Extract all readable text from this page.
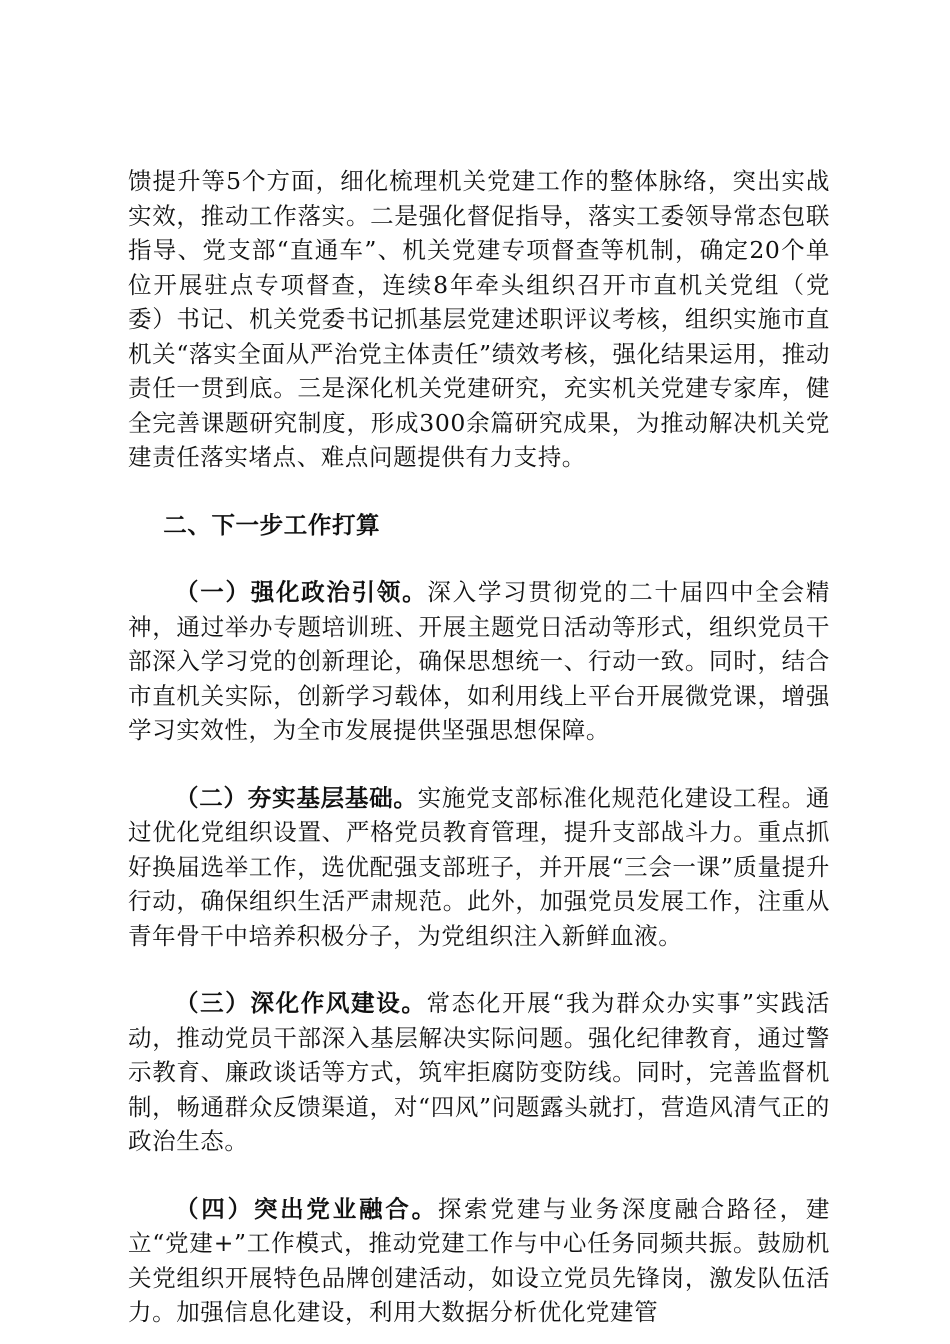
馈提升等5个方面，细化梳理机关党建工作的整体脉络，突出实战实效，推动工作落实。二是强化督促指导，落实工委领导常态包联指导、党支部“直通车”、机关党建专项督查等机制，确定20个单位开展驻点专项督查，连续8年牵头组织召开市直机关党组（党委）书记、机关党委书记抓基层党建述职评议考核，组织实施市直机关“落实全面从严治党主体责任”绩效考核，强化结果运用，推动责任一贯到底。三是深化机关党建研究，充实机关党建专家库，健全完善课题研究制度，形成300余篇研究成果，为推动解决机关党建责任落实堵点、难点问题提供有力支持。

二、下一步工作打算

（一）强化政治引领。深入学习贯彻党的二十届四中全会精神，通过举办专题培训班、开展主题党日活动等形式，组织党员干部深入学习党的创新理论，确保思想统一、行动一致。同时，结合市直机关实际，创新学习载体，如利用线上平台开展微党课，增强学习实效性，为全市发展提供坚强思想保障。

（二）夯实基层基础。实施党支部标准化规范化建设工程。通过优化党组织设置、严格党员教育管理，提升支部战斗力。重点抓好换届选举工作，选优配强支部班子，并开展“三会一课”质量提升行动，确保组织生活严肃规范。此外，加强党员发展工作，注重从青年骨干中培养积极分子，为党组织注入新鲜血液。

（三）深化作风建设。常态化开展“我为群众办实事”实践活动，推动党员干部深入基层解决实际问题。强化纪律教育，通过警示教育、廉政谈话等方式，筑牢拒腐防变防线。同时，完善监督机制，畅通群众反馈渠道，对“四风”问题露头就打，营造风清气正的政治生态。

（四）突出党业融合。探索党建与业务深度融合路径，建立“党建+”工作模式，推动党建工作与中心任务同频共振。鼓励机关党组织开展特色品牌创建活动，如设立党员先锋岗，激发队伍活力。加强信息化建设，利用大数据分析优化党建管
